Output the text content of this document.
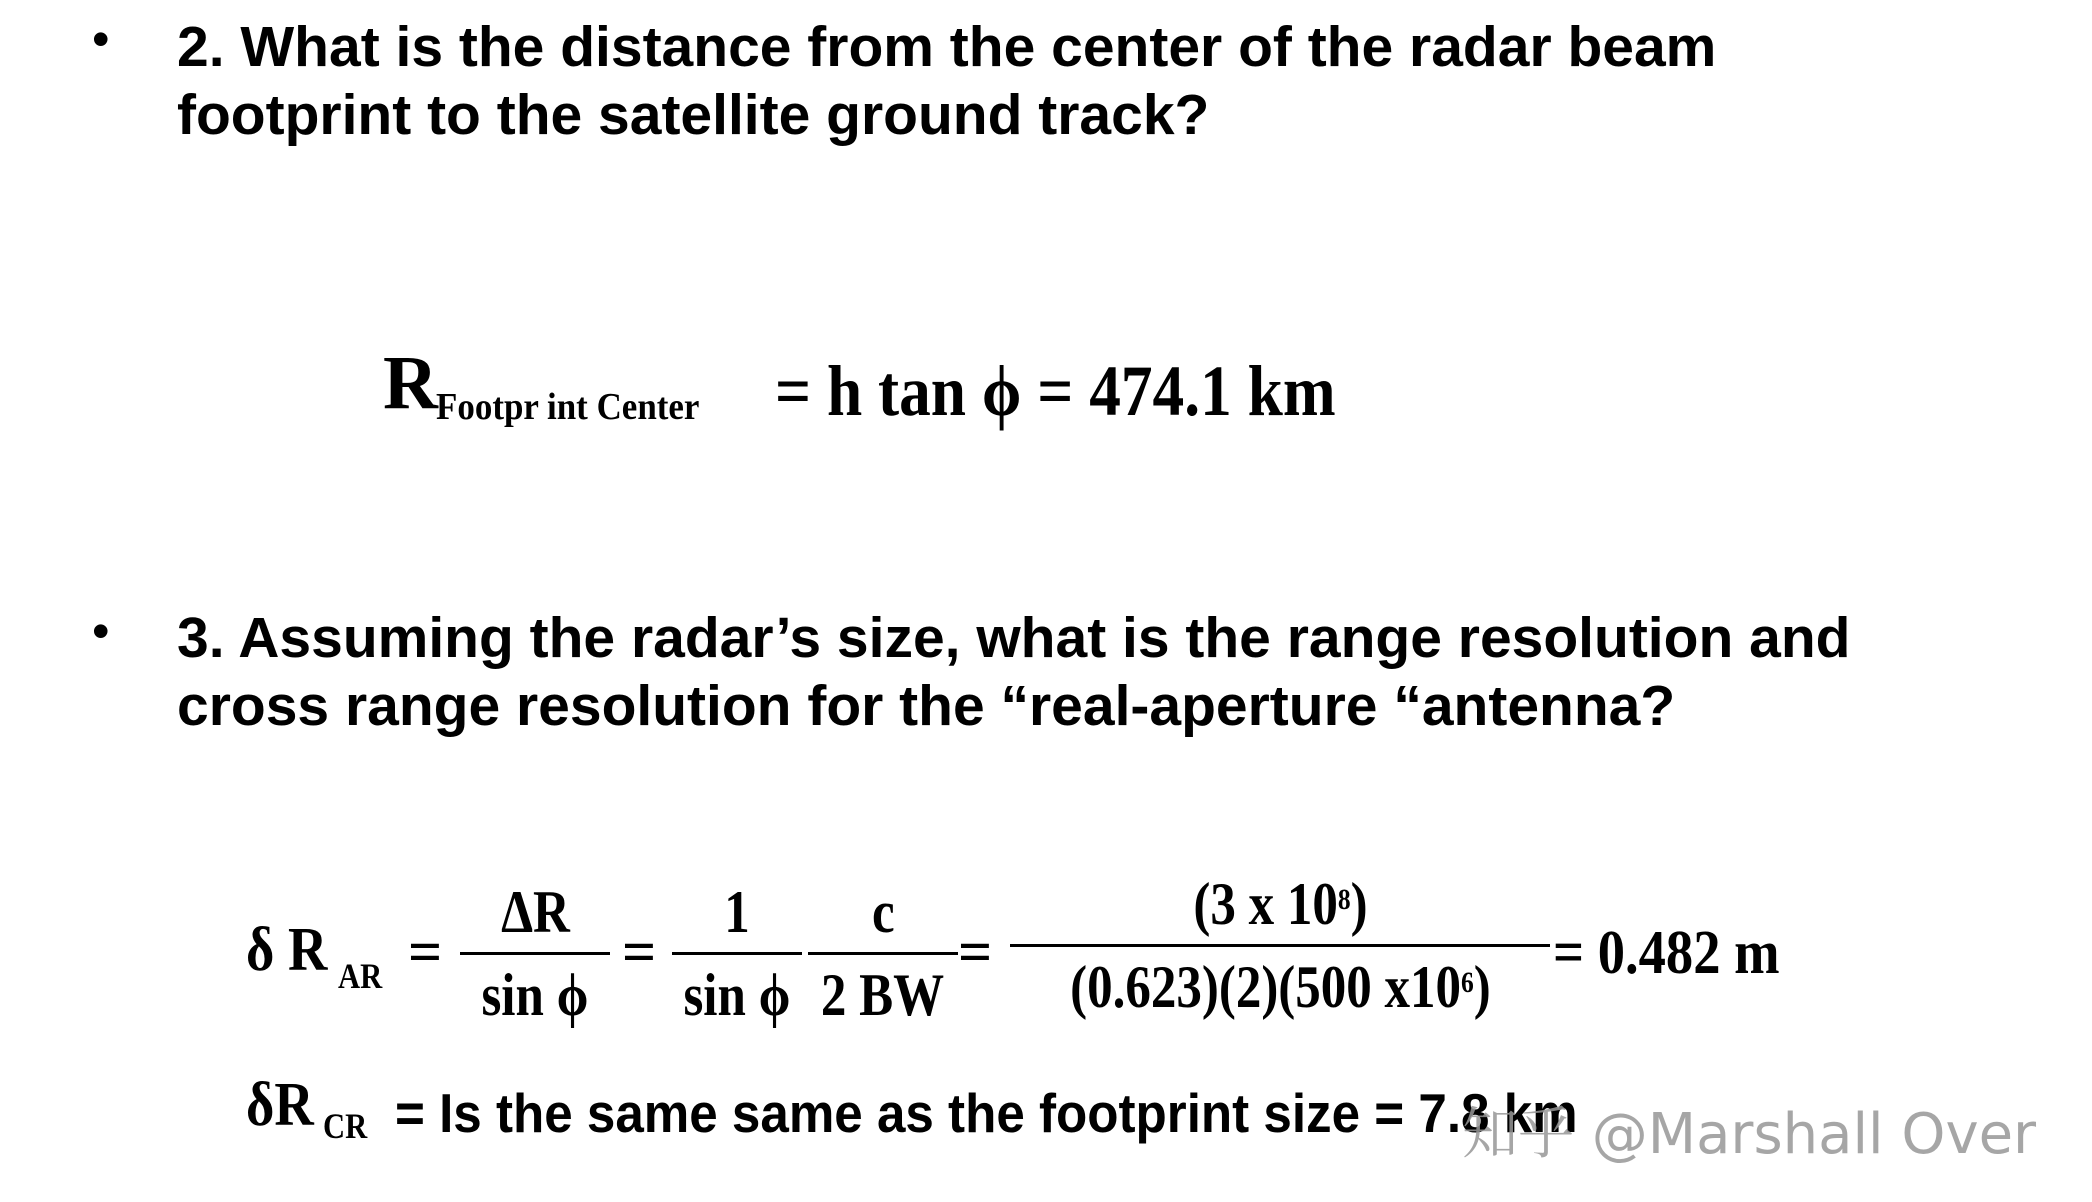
• 2. What is the distance from the center of the radar beam
footprint to the satellite ground track?
R
Footpr int Center = h tan ϕ = 474.1 km
• 3. Assuming the radar’s size, what is the range resolution and
cross range resolution for the “real-aperture “antenna?
δ R AR =
ΔR
sin ϕ
=
1
sin ϕ
c
2 BW
=
(3 x $10^8$)
(0.623)(2)(500 $x10^6) = 0.482$ m
δR CR = Is the same same as the footprint size = 7.8 km
知乎 @Marshall Over
